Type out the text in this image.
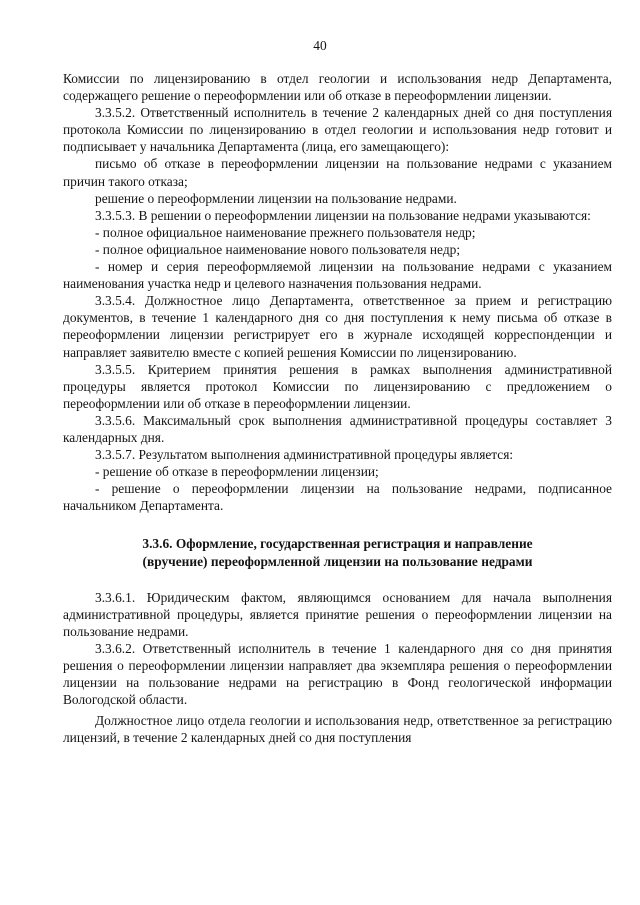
40

Комиссии по лицензированию в отдел геологии и использования недр Департамента, содержащего решение о переоформлении или об отказе в переоформлении лицензии.

3.3.5.2. Ответственный исполнитель в течение 2 календарных дней со дня поступления протокола Комиссии по лицензированию в отдел геологии и использования недр готовит и подписывает у начальника Департамента (лица, его замещающего):

письмо об отказе в переоформлении лицензии на пользование недрами с указанием причин такого отказа;

решение о переоформлении лицензии на пользование недрами.

3.3.5.3. В решении о переоформлении лицензии на пользование недрами указываются:

- полное официальное наименование прежнего пользователя недр;

- полное официальное наименование нового пользователя недр;

- номер и серия переоформляемой лицензии на пользование недрами с указанием наименования участка недр и целевого назначения пользования недрами.

3.3.5.4. Должностное лицо Департамента, ответственное за прием и регистрацию документов, в течение 1 календарного дня со дня поступления к нему письма об отказе в переоформлении лицензии регистрирует его в журнале исходящей корреспонденции и направляет заявителю вместе с копией решения Комиссии по лицензированию.

3.3.5.5. Критерием принятия решения в рамках выполнения административной процедуры является протокол Комиссии по лицензированию с предложением о переоформлении или об отказе в переоформлении лицензии.

3.3.5.6. Максимальный срок выполнения административной процедуры составляет 3 календарных дня.

3.3.5.7. Результатом выполнения административной процедуры является:

- решение об отказе в переоформлении лицензии;

- решение о переоформлении лицензии на пользование недрами, подписанное начальником Департамента.

3.3.6. Оформление, государственная регистрация и направление
(вручение) переоформленной лицензии на пользование недрами

3.3.6.1. Юридическим фактом, являющимся основанием для начала выполнения административной процедуры, является принятие решения о переоформлении лицензии на пользование недрами.

3.3.6.2. Ответственный исполнитель в течение 1 календарного дня со дня принятия решения о переоформлении лицензии направляет два экземпляра решения о переоформлении лицензии на пользование недрами на регистрацию в Фонд геологической информации Вологодской области.

Должностное лицо отдела геологии и использования недр, ответственное за регистрацию лицензий, в течение 2 календарных дней со дня поступления
